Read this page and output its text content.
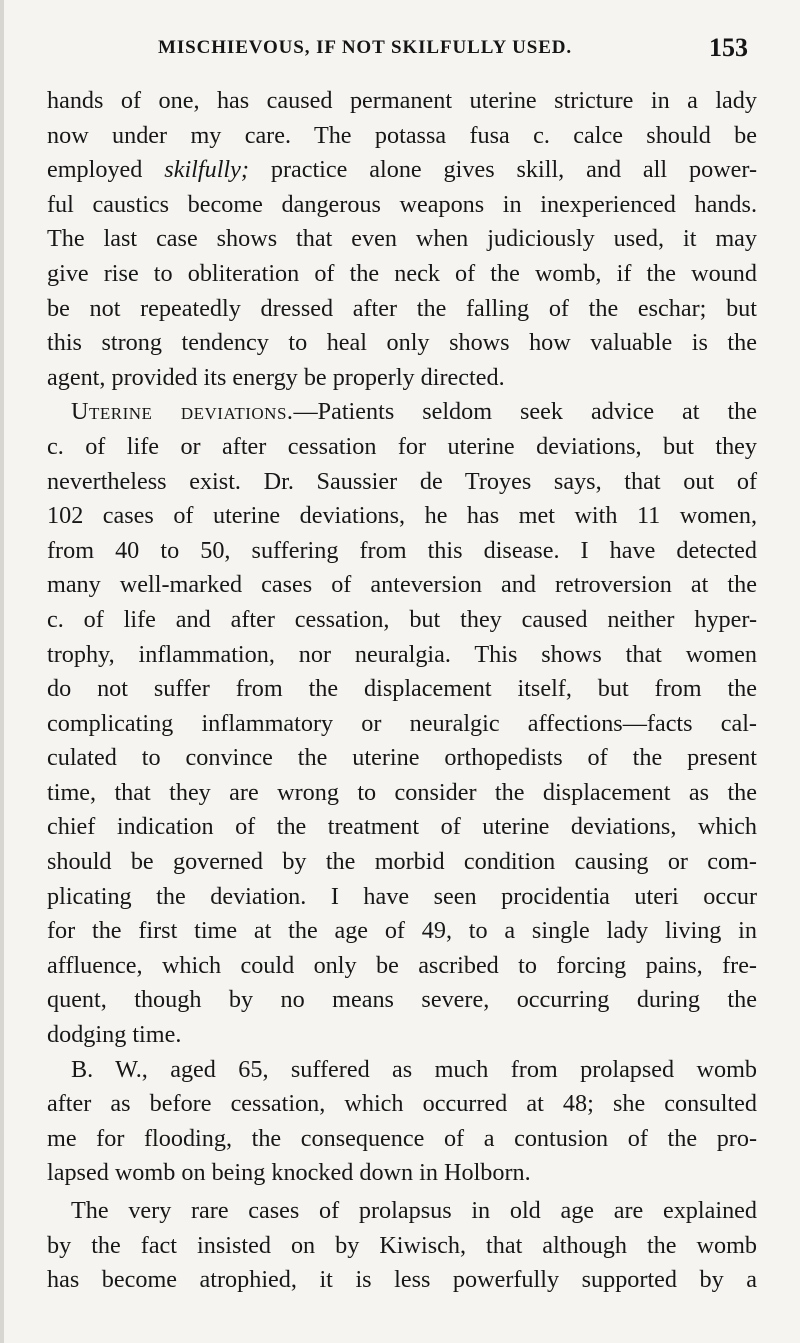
MISCHIEVOUS, IF NOT SKILFULLY USED.	153
hands of one, has caused permanent uterine stricture in a lady
now under my care. The potassa fusa c. calce should be
employed skilfully; practice alone gives skill, and all power-
ful caustics become dangerous weapons in inexperienced hands.
The last case shows that even when judiciously used, it may
give rise to obliteration of the neck of the womb, if the wound
be not repeatedly dressed after the falling of the eschar; but
this strong tendency to heal only shows how valuable is the
agent, provided its energy be properly directed.
Uterine deviations.—Patients seldom seek advice at the
c. of life or after cessation for uterine deviations, but they
nevertheless exist. Dr. Saussier de Troyes says, that out of
102 cases of uterine deviations, he has met with 11 women,
from 40 to 50, suffering from this disease. I have detected
many well-marked cases of anteversion and retroversion at the
c. of life and after cessation, but they caused neither hyper-
trophy, inflammation, nor neuralgia. This shows that women
do not suffer from the displacement itself, but from the
complicating inflammatory or neuralgic affections—facts cal-
culated to convince the uterine orthopedists of the present
time, that they are wrong to consider the displacement as the
chief indication of the treatment of uterine deviations, which
should be governed by the morbid condition causing or com-
plicating the deviation. I have seen procidentia uteri occur
for the first time at the age of 49, to a single lady living in
affluence, which could only be ascribed to forcing pains, fre-
quent, though by no means severe, occurring during the
dodging time.
B. W., aged 65, suffered as much from prolapsed womb
after as before cessation, which occurred at 48; she consulted
me for flooding, the consequence of a contusion of the pro-
lapsed womb on being knocked down in Holborn.
The very rare cases of prolapsus in old age are explained
by the fact insisted on by Kiwisch, that although the womb
has become atrophied, it is less powerfully supported by a
